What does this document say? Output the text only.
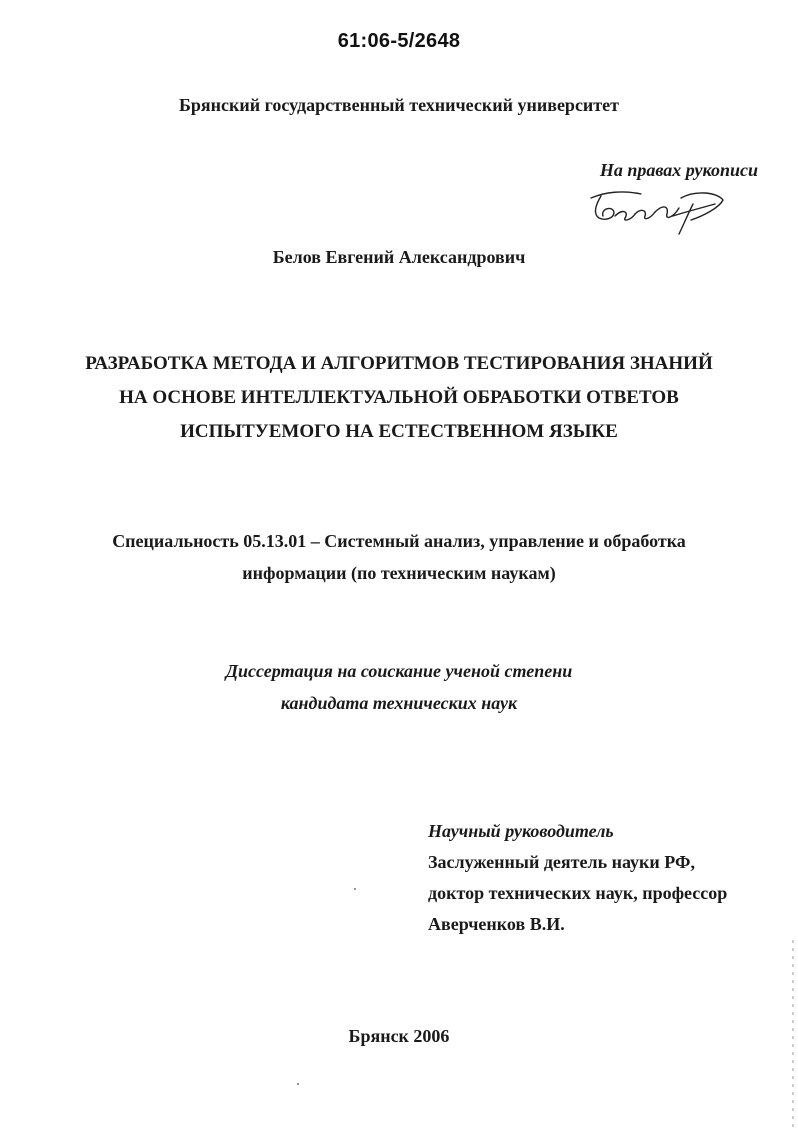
61:06-5/2648
Брянский государственный технический университет
На правах рукописи
Белов Евгений Александрович
РАЗРАБОТКА МЕТОДА И АЛГОРИТМОВ ТЕСТИРОВАНИЯ ЗНАНИЙ
НА ОСНОВЕ ИНТЕЛЛЕКТУАЛЬНОЙ ОБРАБОТКИ ОТВЕТОВ
ИСПЫТУЕМОГО НА ЕСТЕСТВЕННОМ ЯЗЫКЕ
Специальность 05.13.01 – Системный анализ, управление и обработка
информации (по техническим наукам)
Диссертация на соискание ученой степени
кандидата технических наук
Научный руководитель
Заслуженный деятель науки РФ,
доктор технических наук, профессор
Аверченков В.И.
Брянск 2006
